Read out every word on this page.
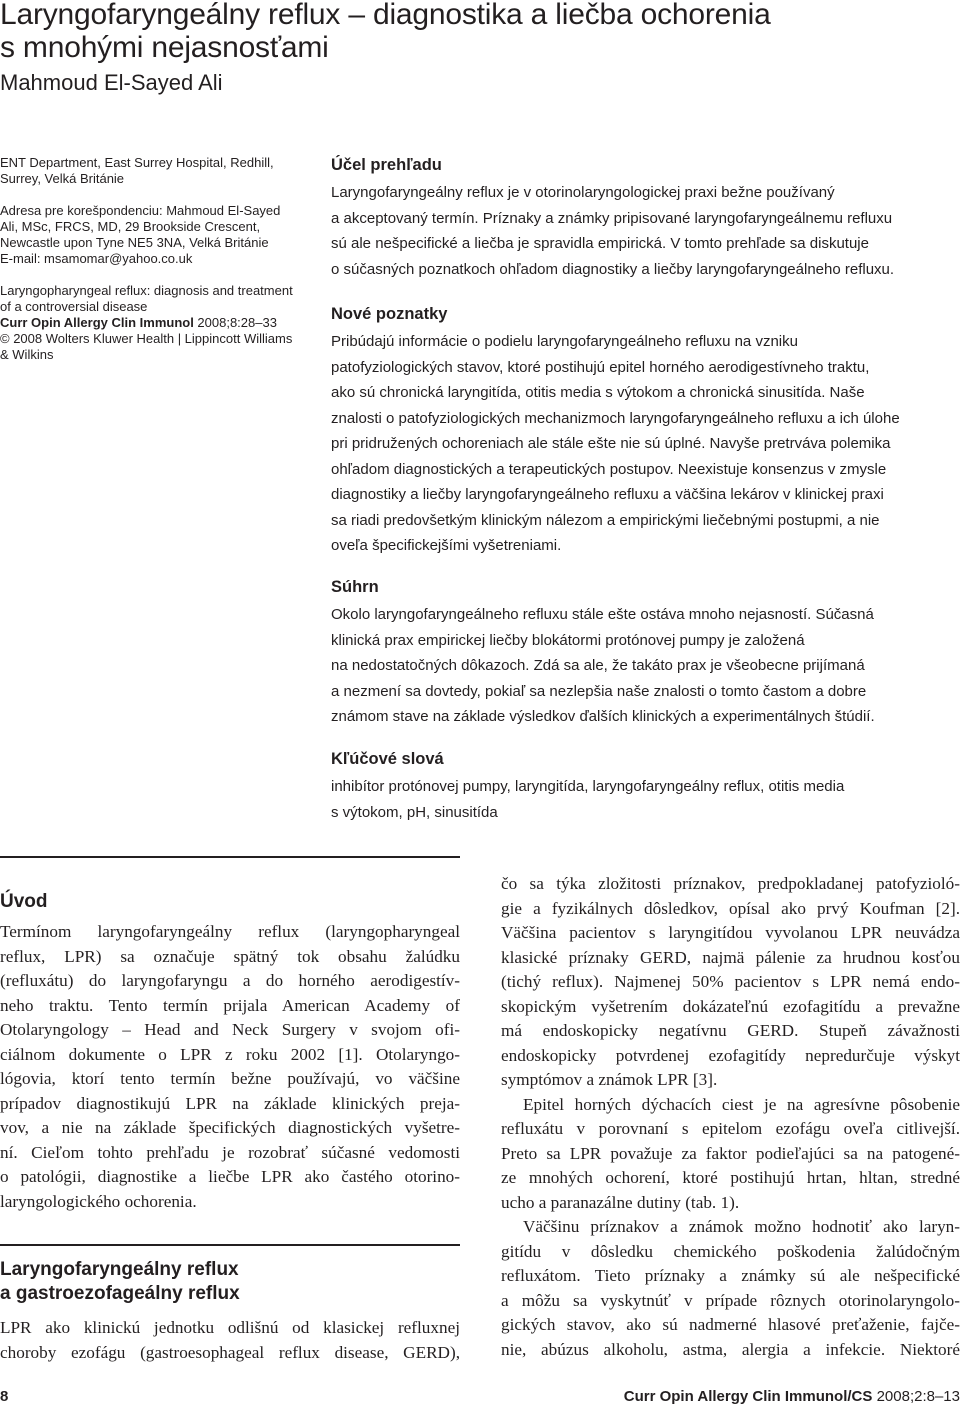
Laryngofaryngeálny reflux – diagnostika a liečba ochorenia
s mnohými nejasnosťami
Mahmoud El-Sayed Ali

ENT Department, East Surrey Hospital, Redhill,
Surrey, Velká Británie

Adresa pre korešpondenciu: Mahmoud El-Sayed
Ali, MSc, FRCS, MD, 29 Brookside Crescent,
Newcastle upon Tyne NE5 3NA, Velká Británie
E-mail: msamomar@yahoo.co.uk

Laryngopharyngeal reflux: diagnosis and treatment
of a controversial disease
Curr Opin Allergy Clin Immunol 2008;8:28–33
© 2008 Wolters Kluwer Health | Lippincott Williams
& Wilkins

Účel prehľadu
Laryngofaryngeálny reflux je v otorinolaryngologickej praxi bežne používaný
a akceptovaný termín. Príznaky a známky pripisované laryngofaryngeálnemu refluxu
sú ale nešpecifické a liečba je spravidla empirická. V tomto prehľade sa diskutuje
o súčasných poznatkoch ohľadom diagnostiky a liečby laryngofaryngeálneho refluxu.
Nové poznatky
Pribúdajú informácie o podielu laryngofaryngeálneho refluxu na vzniku
patofyziologických stavov, ktoré postihujú epitel horného aerodigestívneho traktu,
ako sú chronická laryngitída, otitis media s výtokom a chronická sinusitída. Naše
znalosti o patofyziologických mechanizmoch laryngofaryngeálneho refluxu a ich úlohe
pri pridružených ochoreniach ale stále ešte nie sú úplné. Navyše pretrváva polemika
ohľadom diagnostických a terapeutických postupov. Neexistuje konsenzus v zmysle
diagnostiky a liečby laryngofaryngeálneho refluxu a väčšina lekárov v klinickej praxi
sa riadi predovšetkým klinickým nálezom a empirickými liečebnými postupmi, a nie
oveľa špecifickejšími vyšetreniami.
Súhrn
Okolo laryngofaryngeálneho refluxu stále ešte ostáva mnoho nejasností. Súčasná
klinická prax empirickej liečby blokátormi protónovej pumpy je založená
na nedostatočných dôkazoch. Zdá sa ale, že takáto prax je všeobecne prijímaná
a nezmení sa dovtedy, pokiaľ sa nezlepšia naše znalosti o tomto častom a dobre
známom stave na základe výsledkov ďalších klinických a experimentálnych štúdií.
Kľúčové slová
inhibítor protónovej pumpy, laryngitída, laryngofaryngeálny reflux, otitis media
s výtokom, pH, sinusitída
Úvod
Termínom laryngofaryngeálny reflux (laryngopharyngeal
reflux, LPR) sa označuje spätný tok obsahu žalúdku
(refluxátu) do laryngofaryngu a do horného aerodigestív-
neho traktu. Tento termín prijala American Academy of
Otolaryngology – Head and Neck Surgery v svojom ofi-
ciálnom dokumente o LPR z roku 2002 [1]. Otolaryngo-
lógovia, ktorí tento termín bežne používajú, vo väčšine
prípadov diagnostikujú LPR na základe klinických preja-
vov, a nie na základe špecifických diagnostických vyšetre-
ní. Cieľom tohto prehľadu je rozobrať súčasné vedomosti
o patológii, diagnostike a liečbe LPR ako častého otorino-
laryngologického ochorenia.
Laryngofaryngeálny reflux
a gastroezofageálny reflux
LPR ako klinickú jednotku odlišnú od klasickej refluxnej
choroby ezofágu (gastroesophageal reflux disease, GERD),
čo sa týka zložitosti príznakov, predpokladanej patofyzioló-
gie a fyzikálnych dôsledkov, opísal ako prvý Koufman [2].
Väčšina pacientov s laryngitídou vyvolanou LPR neuvádza
klasické príznaky GERD, najmä pálenie za hrudnou kosťou
(tichý reflux). Najmenej 50% pacientov s LPR nemá endo-
skopickým vyšetrením dokázateľnú ezofagitídu a prevažne
má endoskopicky negatívnu GERD. Stupeň závažnosti
endoskopicky potvrdenej ezofagitídy nepredurčuje výskyt
symptómov a známok LPR [3].
Epitel horných dýchacích ciest je na agresívne pôsobenie
refluxátu v porovnaní s epitelom ezofágu oveľa citlivejší.
Preto sa LPR považuje za faktor podieľajúci sa na patogené-
ze mnohých ochorení, ktoré postihujú hrtan, hltan, stredné
ucho a paranazálne dutiny (tab. 1).
Väčšinu príznakov a známok možno hodnotiť ako laryn-
gitídu v dôsledku chemického poškodenia žalúdočným
refluxátom. Tieto príznaky a známky sú ale nešpecifické
a môžu sa vyskytnúť v prípade rôznych otorinolaryngolo-
gických stavov, ako sú nadmerné hlasové preťaženie, fajče-
nie, abúzus alkoholu, astma, alergia a infekcie. Niektoré
8	Curr Opin Allergy Clin Immunol/CS 2008;2:8–13
